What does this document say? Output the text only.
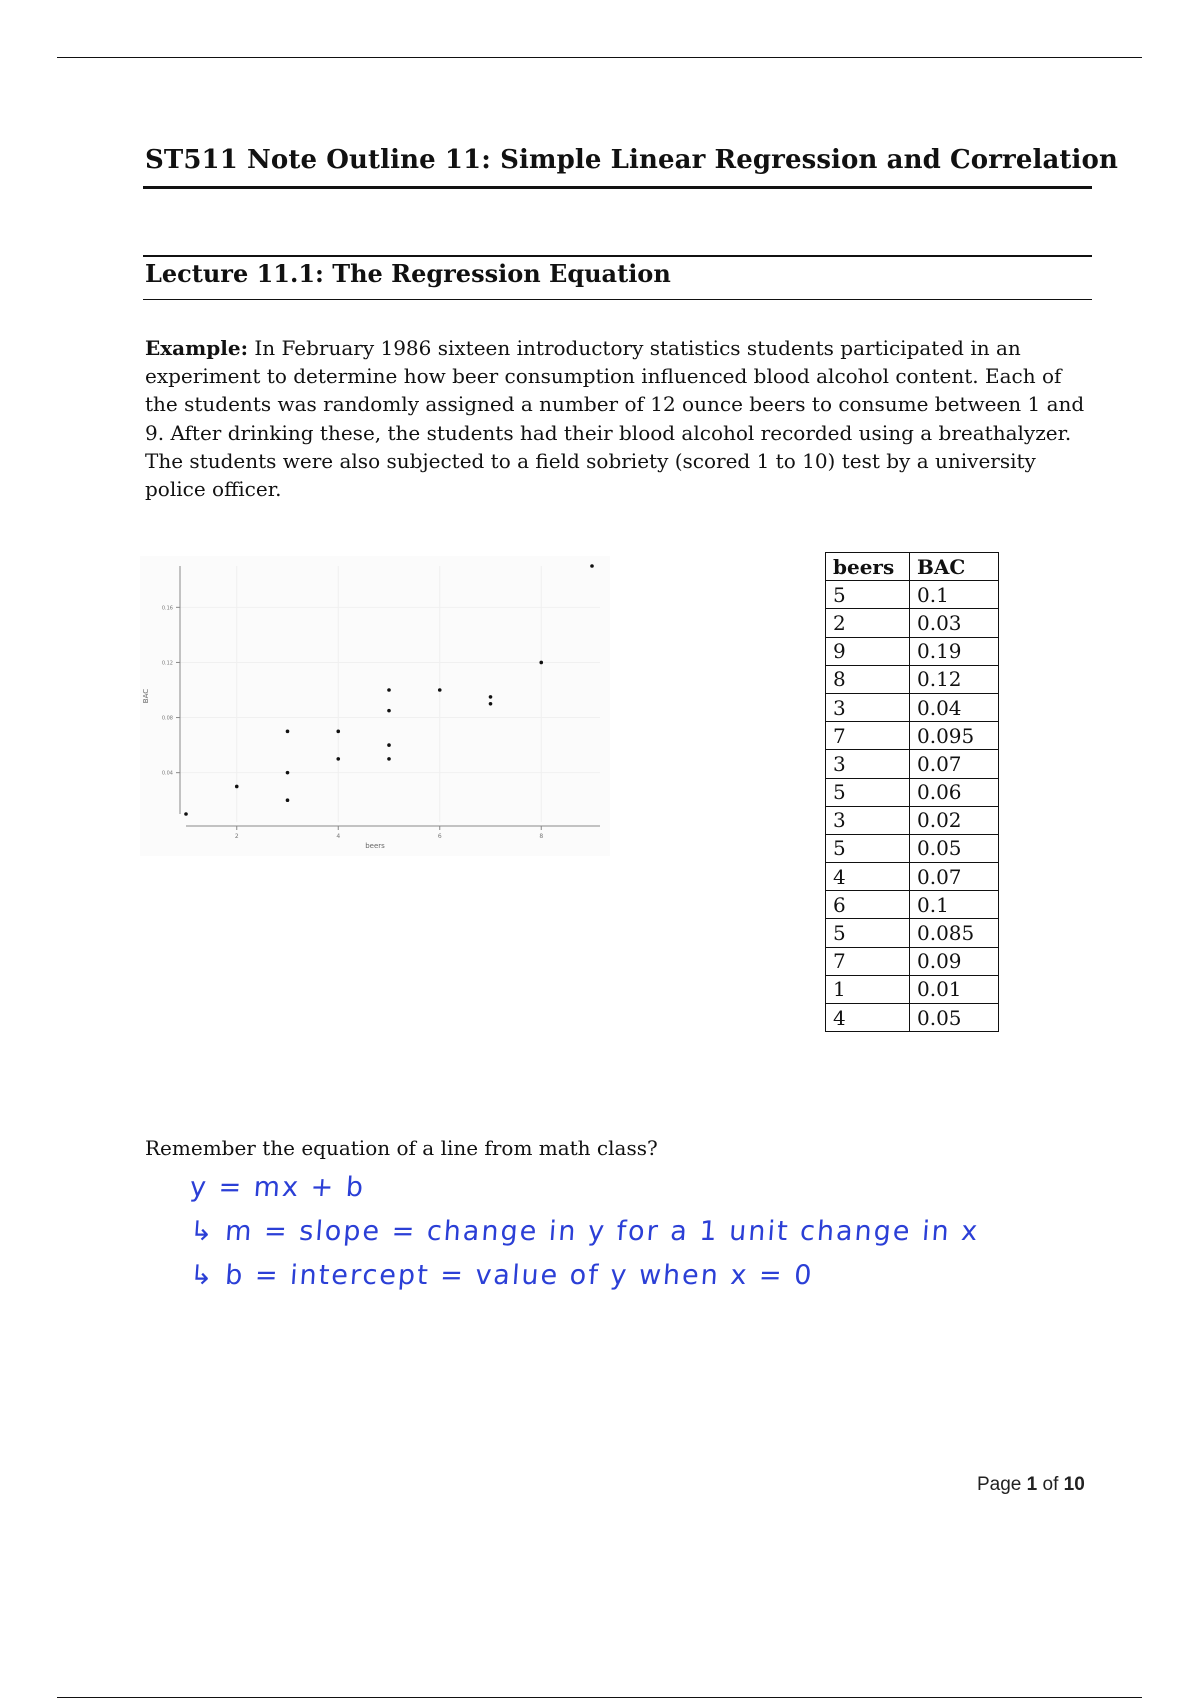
ST511 Note Outline 11: Simple Linear Regression and Correlation
Lecture 11.1: The Regression Equation
Example: In February 1986 sixteen introductory statistics students participated in an experiment to determine how beer consumption influenced blood alcohol content. Each of the students was randomly assigned a number of 12 ounce beers to consume between 1 and 9. After drinking these, the students had their blood alcohol recorded using a breathalyzer. The students were also subjected to a field sobriety (scored 1 to 10) test by a university police officer.
2	4	6	8
0.04
0.08
0.12
0.16
beers
BAC
beers	BAC
5	0.1
2	0.03
9	0.19
8	0.12
3	0.04
7	0.095
3	0.07
5	0.06
3	0.02
5	0.05
4	0.07
6	0.1
5	0.085
7	0.09
1	0.01
4	0.05
Remember the equation of a line from math class?
y = mx + b
↳ m = slope = change in y for a 1 unit change in x
↳ b = intercept = value of y when x = 0
Page 1 of 10
